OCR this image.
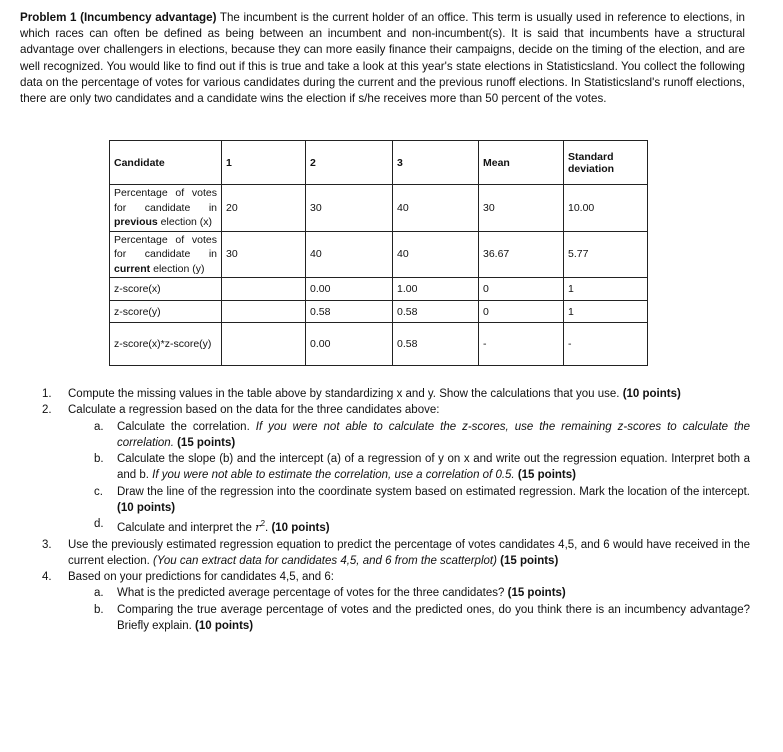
Problem 1 (Incumbency advantage) The incumbent is the current holder of an office. This term is usually used in reference to elections, in which races can often be defined as being between an incumbent and non-incumbent(s). It is said that incumbents have a structural advantage over challengers in elections, because they can more easily finance their campaigns, decide on the timing of the election, and are well recognized. You would like to find out if this is true and take a look at this year's state elections in Statisticsland. You collect the following data on the percentage of votes for various candidates during the current and the previous runoff elections. In Statisticsland's runoff elections, there are only two candidates and a candidate wins the election if s/he receives more than 50 percent of the votes.
Candidate	1	2	3	Mean	Standard deviation
Percentage of votes for candidate in previous election (x)	20	30	40	30	10.00
Percentage of votes for candidate in current election (y)	30	40	40	36.67	5.77
z-score(x)		0.00	1.00	0	1
z-score(y)		0.58	0.58	0	1
z-score(x)*z-score(y)		0.00	0.58	-	-
1. Compute the missing values in the table above by standardizing x and y. Show the calculations that you use. (10 points)
2. Calculate a regression based on the data for the three candidates above:
a. Calculate the correlation. If you were not able to calculate the z-scores, use the remaining z-scores to calculate the correlation. (15 points)
b. Calculate the slope (b) and the intercept (a) of a regression of y on x and write out the regression equation. Interpret both a and b. If you were not able to estimate the correlation, use a correlation of 0.5. (15 points)
c. Draw the line of the regression into the coordinate system based on estimated regression. Mark the location of the intercept. (10 points)
d. Calculate and interpret the $r^2$. (10 points)
3. Use the previously estimated regression equation to predict the percentage of votes candidates 4,5, and 6 would have received in the current election. (You can extract data for candidates 4,5, and 6 from the scatterplot) (15 points)
4. Based on your predictions for candidates 4,5, and 6:
a. What is the predicted average percentage of votes for the three candidates? (15 points)
b. Comparing the true average percentage of votes and the predicted ones, do you think there is an incumbency advantage? Briefly explain. (10 points)
